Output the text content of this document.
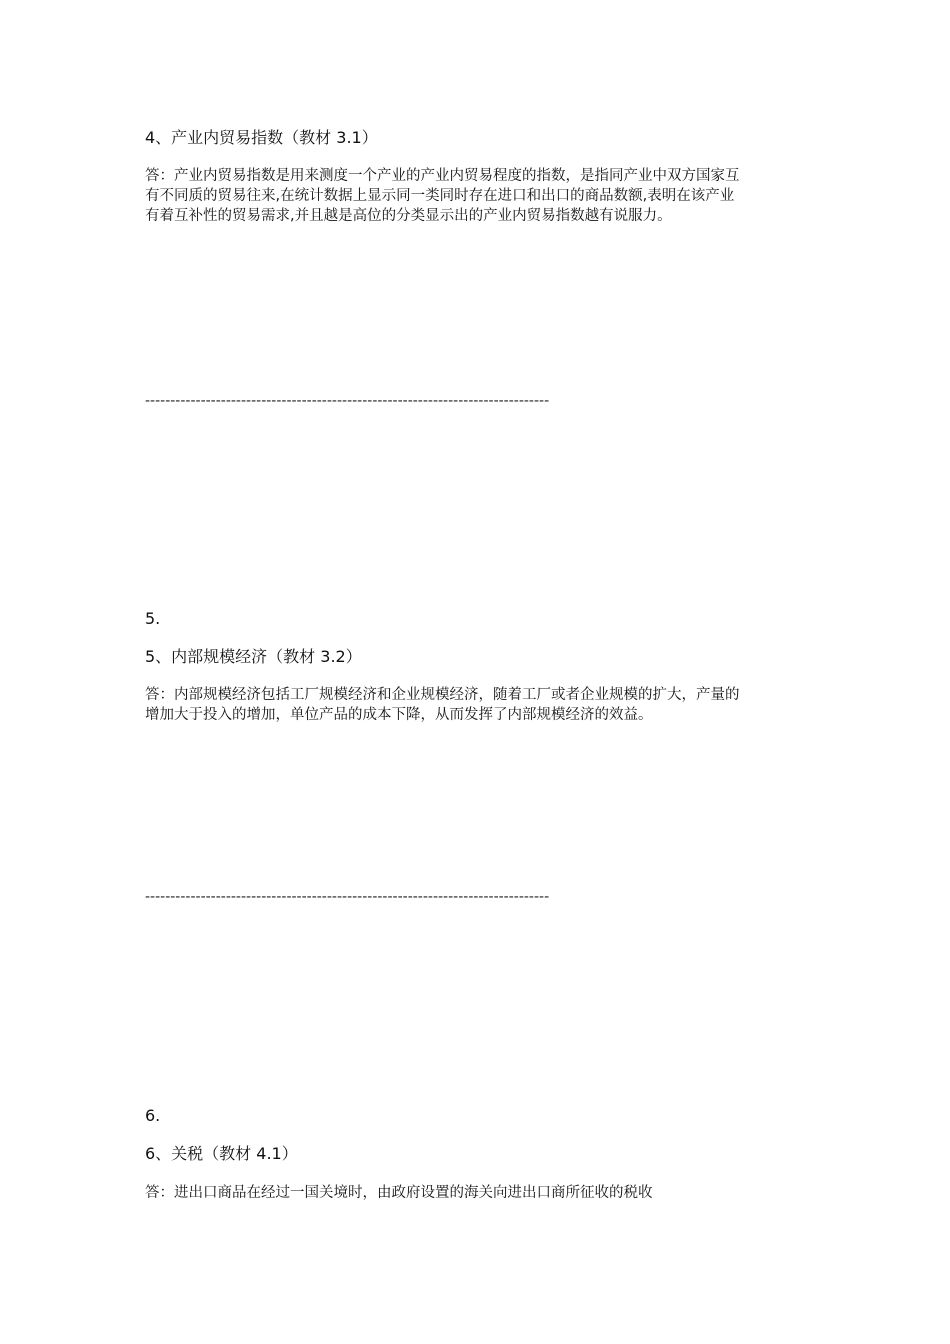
4、产业内贸易指数（教材 3.1）

答：产业内贸易指数是用来测度一个产业的产业内贸易程度的指数，是指同产业中双方国家互
有不同质的贸易往来,在统计数据上显示同一类同时存在进口和出口的商品数额,表明在该产业
有着互补性的贸易需求,并且越是高位的分类显示出的产业内贸易指数越有说服力。
--------------------------------------------------------------------------------

5.

5、内部规模经济（教材 3.2）

答：内部规模经济包括工厂规模经济和企业规模经济，随着工厂或者企业规模的扩大，产量的
增加大于投入的增加，单位产品的成本下降，从而发挥了内部规模经济的效益。
--------------------------------------------------------------------------------

6.

6、关税（教材 4.1）

答：进出口商品在经过一国关境时，由政府设置的海关向进出口商所征收的税收
